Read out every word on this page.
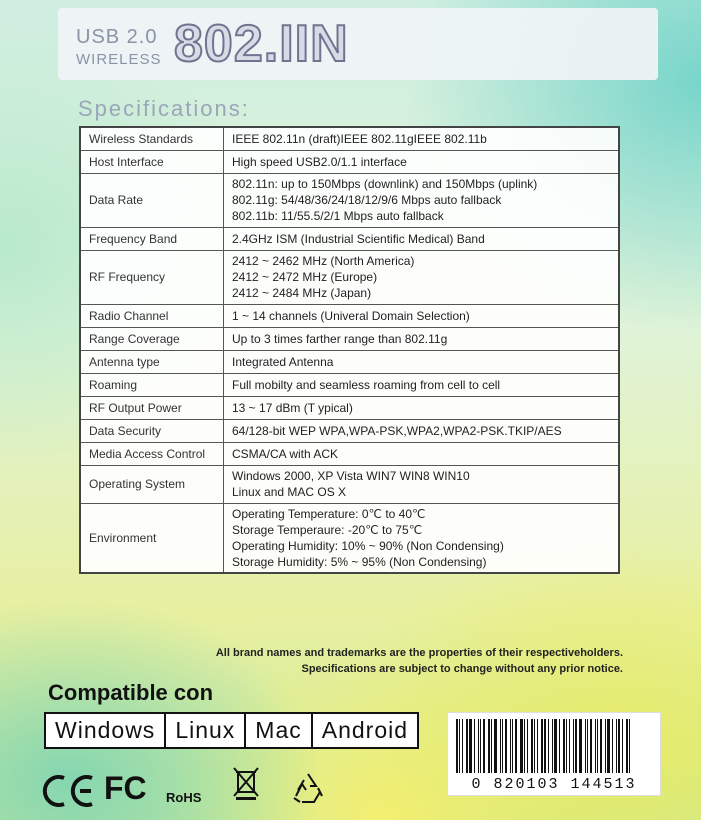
USB 2.0
WIRELESS 802.IIN
Specifications:
Wireless Standards	IEEE 802.11n (draft)IEEE 802.11gIEEE 802.11b

Host Interface	High speed USB2.0/1.1 interface

Data Rate	802.11n: up to 150Mbps (downlink) and 150Mbps (uplink)
802.11g: 54/48/36/24/18/12/9/6 Mbps auto fallback
802.11b: 11/55.5/2/1 Mbps auto fallback

Frequency Band	2.4GHz ISM (Industrial Scientific Medical) Band

RF Frequency	2412 ~ 2462 MHz (North America)
2412 ~ 2472 MHz (Europe)
2412 ~ 2484 MHz (Japan)

Radio Channel	1 ~ 14 channels (Univeral Domain Selection)

Range Coverage	Up to 3 times farther range than 802.11g

Antenna type	Integrated Antenna

Roaming	Full mobilty and seamless roaming from cell to cell

RF Output Power	13 ~ 17 dBm (T ypical)

Data Security	64/128-bit WEP WPA,WPA-PSK,WPA2,WPA2-PSK.TKIP/AES

Media Access Control	CSMA/CA with ACK

Operating System	Windows 2000, XP Vista WIN7 WIN8 WIN10
Linux and MAC OS X

Environment	Operating Temperature: 0℃ to 40℃
Storage Temperaure: -20℃ to 75℃
Operating Humidity: 10% ~ 90% (Non Condensing)
Storage Humidity: 5% ~ 95% (Non Condensing)
All brand names and trademarks are the properties of their respectiveholders.
Specifications are subject to change without any prior notice.
Compatible con
Windows Linux Mac Android
FC RoHS
0 820103 144513
